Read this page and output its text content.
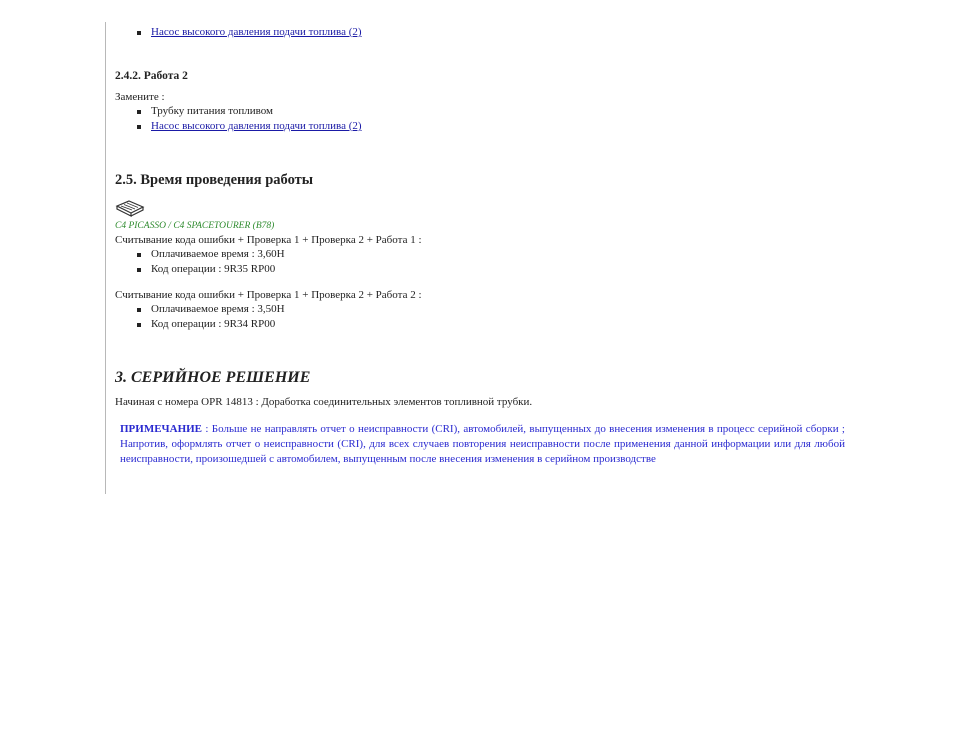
Насос высокого давления подачи топлива (2)
2.4.2. Работа 2
Замените :
Трубку питания топливом
Насос высокого давления подачи топлива (2)
2.5. Время проведения работы
C4 PICASSO / C4 SPACETOURER (B78)
Считывание кода ошибки + Проверка 1 + Проверка 2 + Работа 1 :
Оплачиваемое время : 3,60Н
Код операции : 9R35 RP00
Считывание кода ошибки + Проверка 1 + Проверка 2 + Работа 2 :
Оплачиваемое время : 3,50Н
Код операции : 9R34 RP00
3. СЕРИЙНОЕ РЕШЕНИЕ
Начиная с номера OPR 14813 : Доработка соединительных элементов топливной трубки.

ПРИМЕЧАНИЕ : Больше не направлять отчет о неисправности (CRI), автомобилей, выпущенных до внесения изменения в процесс серийной сборки ; Напротив, оформлять отчет о неисправности (CRI), для всех случаев повторения неисправности после применения данной информации или для любой неисправности, произошедшей с автомобилем, выпущенным после внесения изменения в серийном производстве
